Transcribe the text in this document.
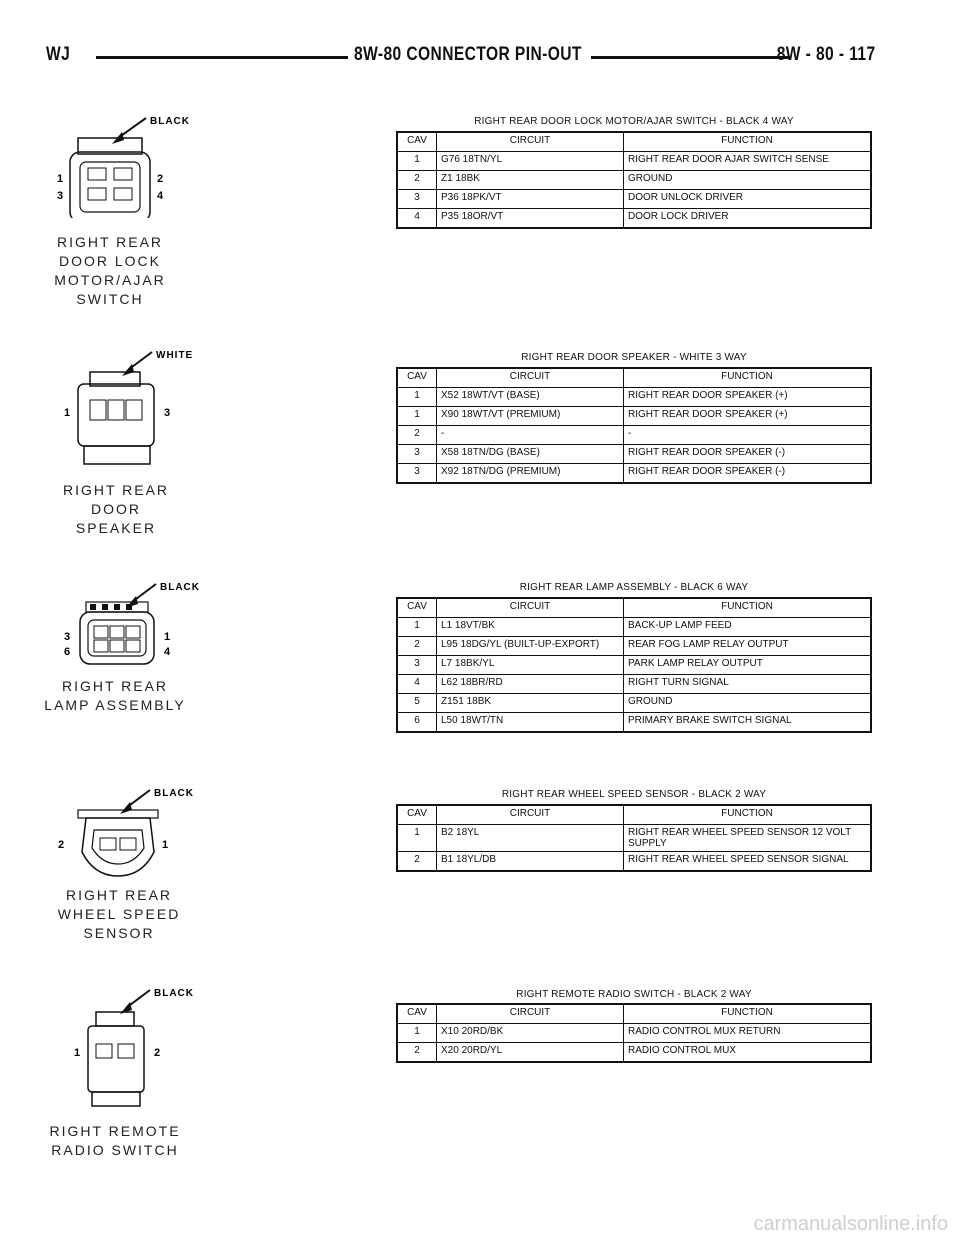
WJ	8W-80 CONNECTOR PIN-OUT	8W - 80 - 117
BLACK
1	2
3	4
RIGHT REAR
DOOR LOCK
MOTOR/AJAR
SWITCH
RIGHT REAR DOOR LOCK MOTOR/AJAR SWITCH - BLACK 4 WAY
CAV	CIRCUIT	FUNCTION
1	G76 18TN/YL	RIGHT REAR DOOR AJAR SWITCH SENSE
2	Z1 18BK	GROUND
3	P36 18PK/VT	DOOR UNLOCK DRIVER
4	P35 18OR/VT	DOOR LOCK DRIVER
WHITE
1	3
RIGHT REAR
DOOR
SPEAKER
RIGHT REAR DOOR SPEAKER - WHITE 3 WAY
CAV	CIRCUIT	FUNCTION
1	X52 18WT/VT (BASE)	RIGHT REAR DOOR SPEAKER (+)
1	X90 18WT/VT (PREMIUM)	RIGHT REAR DOOR SPEAKER (+)
2	-	-
3	X58 18TN/DG (BASE)	RIGHT REAR DOOR SPEAKER (-)
3	X92 18TN/DG (PREMIUM)	RIGHT REAR DOOR SPEAKER (-)
BLACK
3	1
6	4
RIGHT REAR
LAMP ASSEMBLY
RIGHT REAR LAMP ASSEMBLY - BLACK 6 WAY
CAV	CIRCUIT	FUNCTION
1	L1 18VT/BK	BACK-UP LAMP FEED
2	L95 18DG/YL (BUILT-UP-EXPORT)	REAR FOG LAMP RELAY OUTPUT
3	L7 18BK/YL	PARK LAMP RELAY OUTPUT
4	L62 18BR/RD	RIGHT TURN SIGNAL
5	Z151 18BK	GROUND
6	L50 18WT/TN	PRIMARY BRAKE SWITCH SIGNAL
BLACK
2	1
RIGHT REAR
WHEEL SPEED
SENSOR
RIGHT REAR WHEEL SPEED SENSOR - BLACK 2 WAY
CAV	CIRCUIT	FUNCTION
1	B2 18YL	RIGHT REAR WHEEL SPEED SENSOR 12 VOLT
SUPPLY
2	B1 18YL/DB	RIGHT REAR WHEEL SPEED SENSOR SIGNAL
BLACK
1	2
RIGHT REMOTE
RADIO SWITCH
RIGHT REMOTE RADIO SWITCH - BLACK 2 WAY
CAV	CIRCUIT	FUNCTION
1	X10 20RD/BK	RADIO CONTROL MUX RETURN
2	X20 20RD/YL	RADIO CONTROL MUX
carmanualsonline.info
